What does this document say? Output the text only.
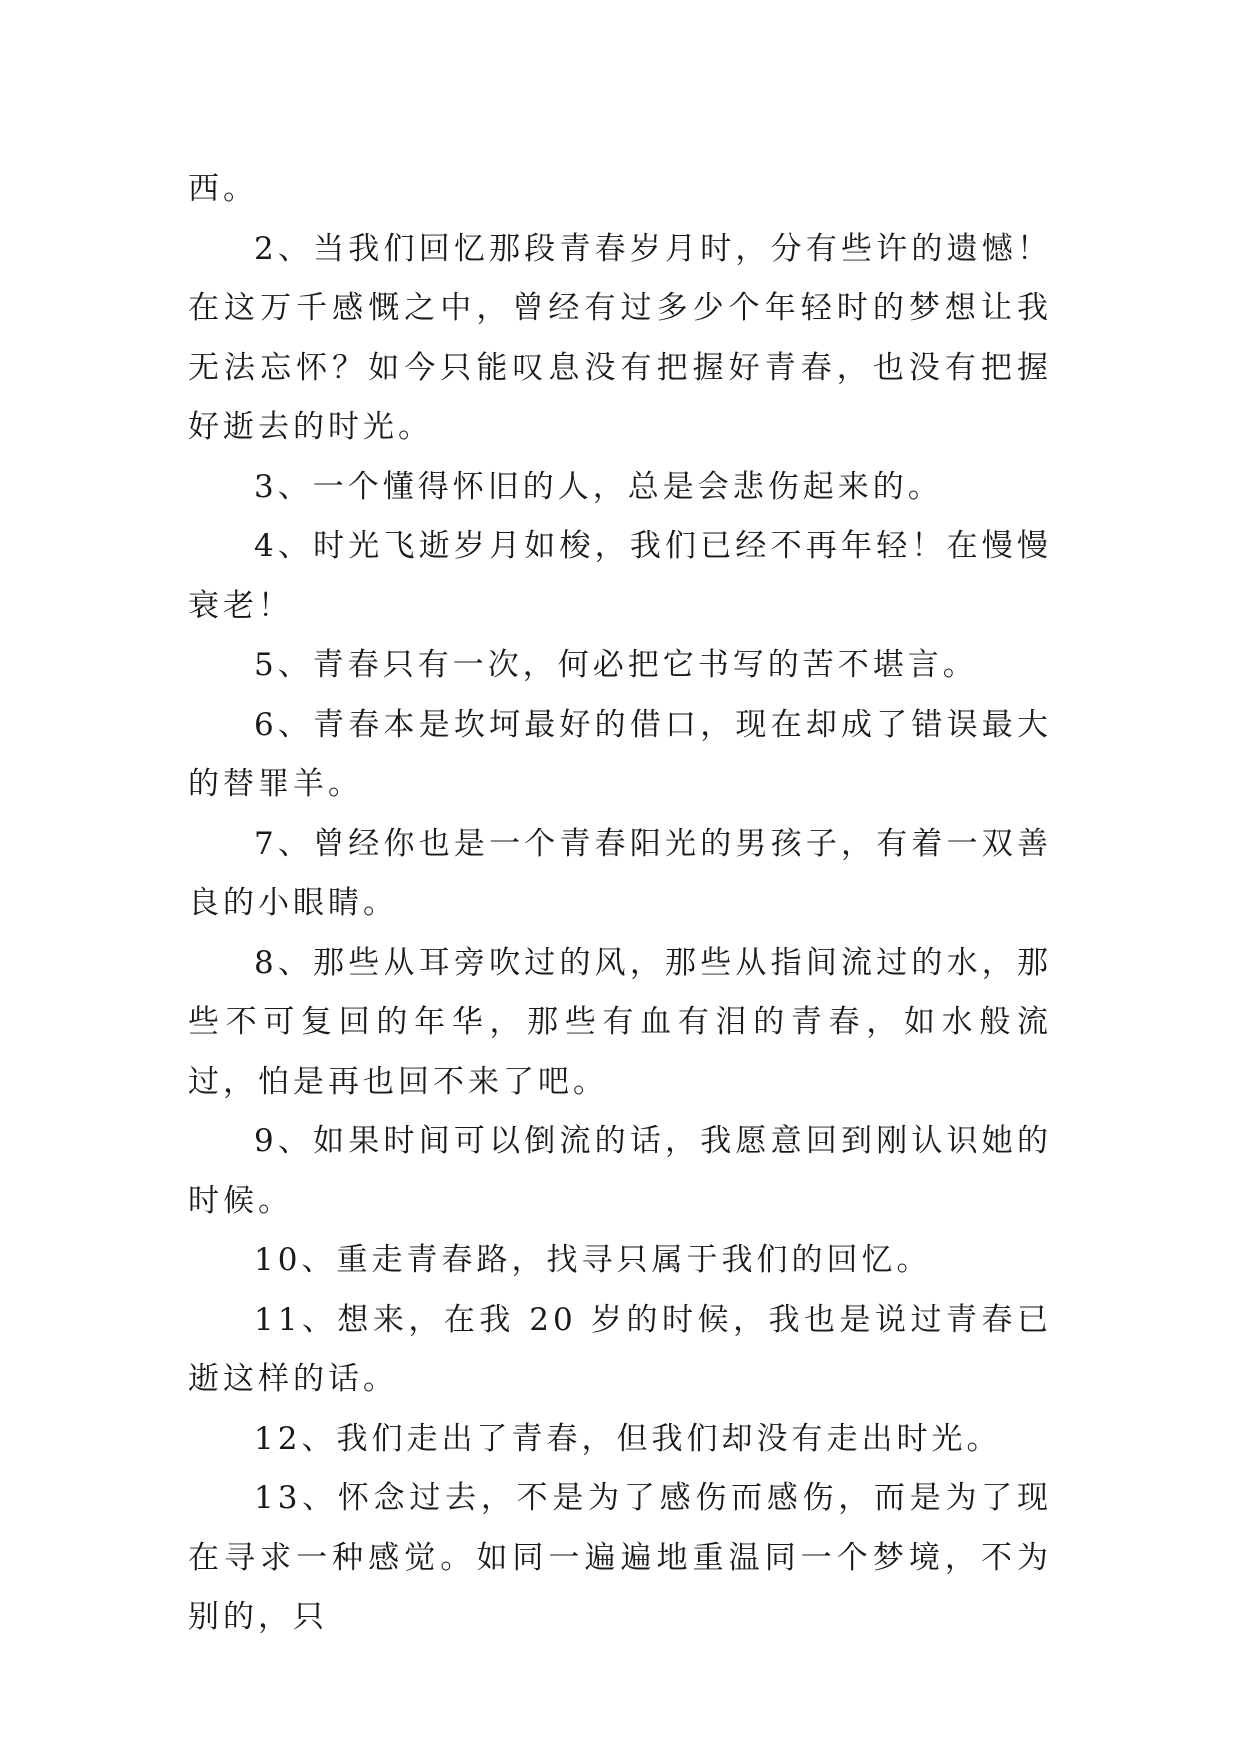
西。

2、当我们回忆那段青春岁月时，分有些许的遗憾！在这万千感慨之中，曾经有过多少个年轻时的梦想让我无法忘怀？如今只能叹息没有把握好青春，也没有把握好逝去的时光。

3、一个懂得怀旧的人，总是会悲伤起来的。

4、时光飞逝岁月如梭，我们已经不再年轻！在慢慢衰老！

5、青春只有一次，何必把它书写的苦不堪言。

6、青春本是坎坷最好的借口，现在却成了错误最大的替罪羊。

7、曾经你也是一个青春阳光的男孩子，有着一双善良的小眼睛。

8、那些从耳旁吹过的风，那些从指间流过的水，那些不可复回的年华，那些有血有泪的青春，如水般流过，怕是再也回不来了吧。

9、如果时间可以倒流的话，我愿意回到刚认识她的时候。

10、重走青春路，找寻只属于我们的回忆。

11、想来，在我 20 岁的时候，我也是说过青春已逝这样的话。

12、我们走出了青春，但我们却没有走出时光。

13、怀念过去，不是为了感伤而感伤，而是为了现在寻求一种感觉。如同一遍遍地重温同一个梦境，不为别的，只
